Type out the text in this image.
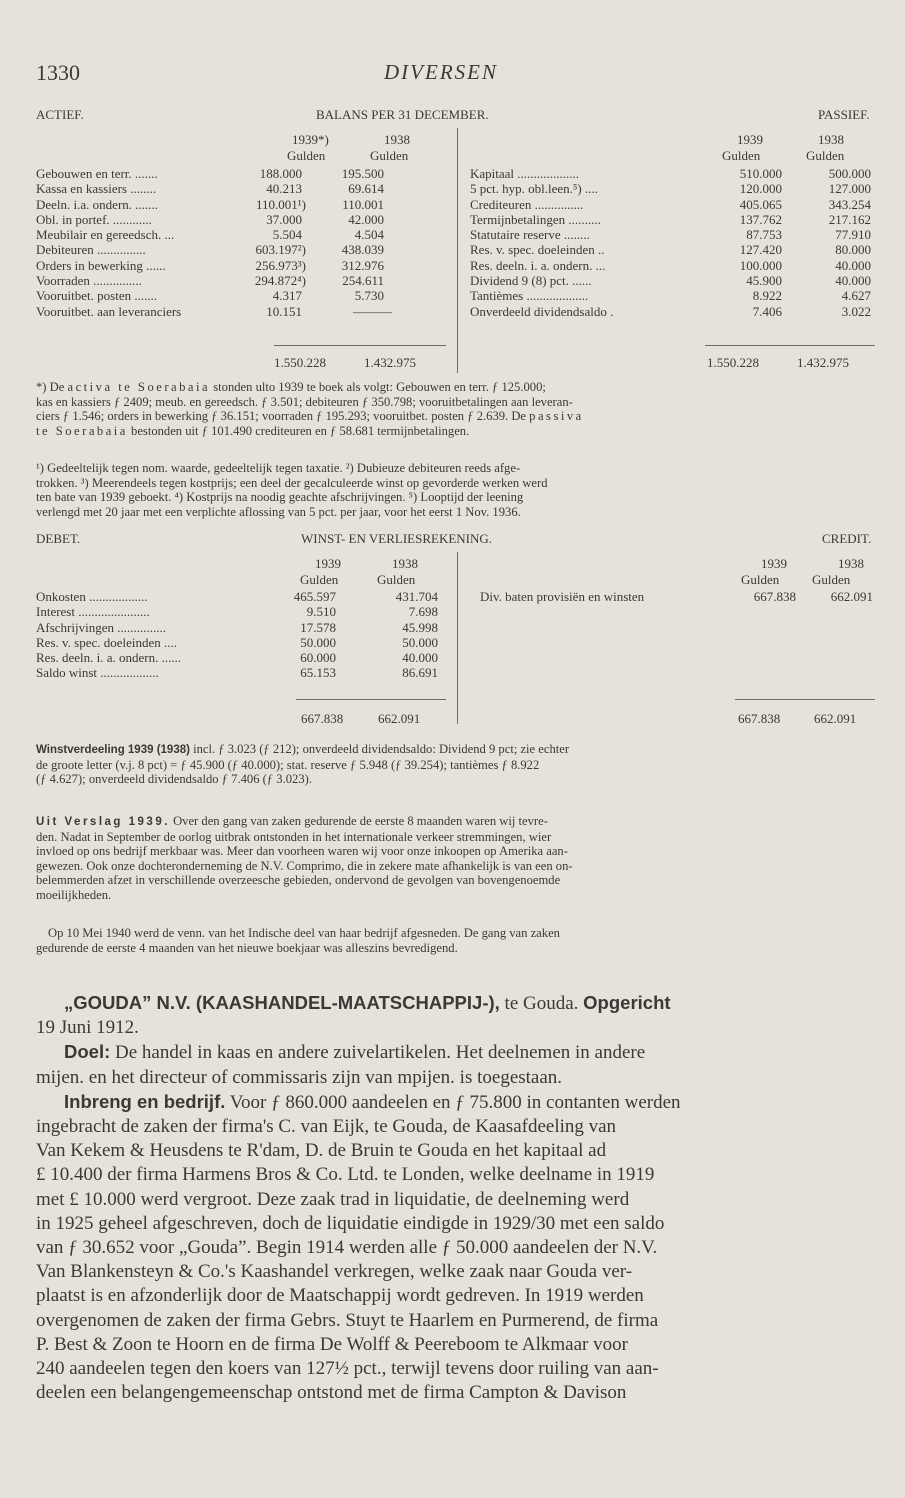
1330	DIVERSEN
ACTIEF.	BALANS PER 31 DECEMBER.	PASSIEF.
1939*)	1938
Gulden	Gulden
1939	1938
Gulden	Gulden
Gebouwen en terr. .......	188.000	195.500
Kassa en kassiers ........	40.213	69.614
Deeln. i.a. ondern. .......	110.001¹)	110.001
Obl. in portef. ............	37.000	42.000
Meubilair en gereedsch. ...	5.504	4.504
Debiteuren ...............	603.197²)	438.039
Orders in bewerking ......	256.973³)	312.976
Voorraden ...............	294.872⁴)	254.611
Vooruitbet. posten .......	4.317	5.730
Vooruitbet. aan leveranciers	10.151	———
Kapitaal ...................	510.000	500.000
5 pct. hyp. obl.leen.⁵) ....	120.000	127.000
Crediteuren ...............	405.065	343.254
Termijnbetalingen ..........	137.762	217.162
Statutaire reserve ........	87.753	77.910
Res. v. spec. doeleinden ..	127.420	80.000
Res. deeln. i. a. ondern. ...	100.000	40.000
Dividend 9 (8) pct. ......	45.900	40.000
Tantièmes ...................	8.922	4.627
Onverdeeld dividendsaldo .	7.406	3.022
1.550.228	1.432.975	1.550.228	1.432.975
*) De activa te Soerabaia stonden ulto 1939 te boek als volgt: Gebouwen en terr. ƒ 125.000;
kas en kassiers ƒ 2409; meub. en gereedsch. ƒ 3.501; debiteuren ƒ 350.798; vooruitbetalingen aan leveran-
ciers ƒ 1.546; orders in bewerking ƒ 36.151; voorraden ƒ 195.293; vooruitbet. posten ƒ 2.639. De passiva
te Soerabaia bestonden uit ƒ 101.490 crediteuren en ƒ 58.681 termijnbetalingen.
¹) Gedeeltelijk tegen nom. waarde, gedeeltelijk tegen taxatie. ²) Dubieuze debiteuren reeds afge-
trokken. ³) Meerendeels tegen kostprijs; een deel der gecalculeerde winst op gevorderde werken werd
ten bate van 1939 geboekt. ⁴) Kostprijs na noodig geachte afschrijvingen. ⁵) Looptijd der leening
verlengd met 20 jaar met een verplichte aflossing van 5 pct. per jaar, voor het eerst 1 Nov. 1936.
DEBET.	WINST- EN VERLIESREKENING.	CREDIT.
1939	1938
Gulden	Gulden
1939	1938
Gulden	Gulden
Onkosten ..................	465.597	431.704
Interest ......................	9.510	7.698
Afschrijvingen ...............	17.578	45.998
Res. v. spec. doeleinden ....	50.000	50.000
Res. deeln. i. a. ondern. ......	60.000	40.000
Saldo winst ..................	65.153	86.691
Div. baten provisiën en winsten	667.838	662.091
667.838	662.091	667.838	662.091
Winstverdeeling 1939 (1938) incl. ƒ 3.023 (ƒ 212); onverdeeld dividendsaldo: Dividend 9 pct; zie echter
de groote letter (v.j. 8 pct) = ƒ 45.900 (ƒ 40.000); stat. reserve ƒ 5.948 (ƒ 39.254); tantièmes ƒ 8.922
(ƒ 4.627); onverdeeld dividendsaldo ƒ 7.406 (ƒ 3.023).
Uit Verslag 1939. Over den gang van zaken gedurende de eerste 8 maanden waren wij tevre-
den. Nadat in September de oorlog uitbrak ontstonden in het internationale verkeer stremmingen, wier
invloed op ons bedrijf merkbaar was. Meer dan voorheen waren wij voor onze inkoopen op Amerika aan-
gewezen. Ook onze dochteronderneming de N.V. Comprimo, die in zekere mate afhankelijk is van een on-
belemmerden afzet in verschillende overzeesche gebieden, ondervond de gevolgen van bovengenoemde
moeilijkheden.
Op 10 Mei 1940 werd de venn. van het Indische deel van haar bedrijf afgesneden. De gang van zaken
gedurende de eerste 4 maanden van het nieuwe boekjaar was alleszins bevredigend.
„GOUDA” N.V. (KAASHANDEL-MAATSCHAPPIJ-), te Gouda. Opgericht
19 Juni 1912.
Doel: De handel in kaas en andere zuivelartikelen. Het deelnemen in andere
mijen. en het directeur of commissaris zijn van mpijen. is toegestaan.
Inbreng en bedrijf. Voor ƒ 860.000 aandeelen en ƒ 75.800 in contanten werden
ingebracht de zaken der firma's C. van Eijk, te Gouda, de Kaasafdeeling van
Van Kekem & Heusdens te R'dam, D. de Bruin te Gouda en het kapitaal ad
£ 10.400 der firma Harmens Bros & Co. Ltd. te Londen, welke deelname in 1919
met £ 10.000 werd vergroot. Deze zaak trad in liquidatie, de deelneming werd
in 1925 geheel afgeschreven, doch de liquidatie eindigde in 1929/30 met een saldo
van ƒ 30.652 voor „Gouda”. Begin 1914 werden alle ƒ 50.000 aandeelen der N.V.
Van Blankensteyn & Co.'s Kaashandel verkregen, welke zaak naar Gouda ver-
plaatst is en afzonderlijk door de Maatschappij wordt gedreven. In 1919 werden
overgenomen de zaken der firma Gebrs. Stuyt te Haarlem en Purmerend, de firma
P. Best & Zoon te Hoorn en de firma De Wolff & Peereboom te Alkmaar voor
240 aandeelen tegen den koers van 127½ pct., terwijl tevens door ruiling van aan-
deelen een belangengemeenschap ontstond met de firma Campton & Davison
